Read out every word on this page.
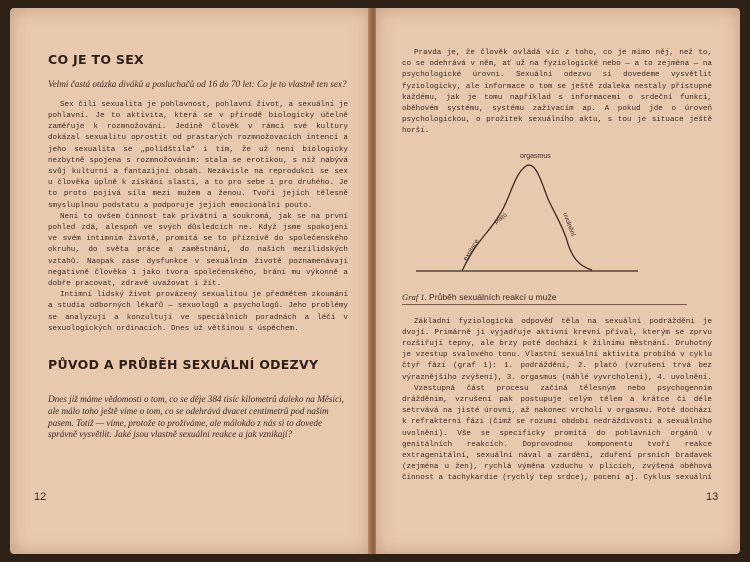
CO JE TO SEX
Velmi častá otázka diváků a posluchačů od 16 do 70 let: Co je to vlastně ten sex?

Sex čili sexualita je pohlavnost, pohlavní život, a sexuální je pohlavní. Je to aktivita, která se v přírodě biologicky účelně zaměřuje k rozmnožování. Jedině člověk v rámci své kultury dokázal sexualitu oprostit od prastarých rozmnožovacích intencí a jeho sexualita se „polidštila“ i tím, že už není biologicky nezbytně spojena s rozmnožováním: stala se erotikou, s níž nabývá svůj kulturní a fantazijní obsah. Nezávisle na reprodukci se sex u člověka úplně k získání slasti, a to pro sebe i pro druhého. Je to proto pojivá síla mezi mužem a ženou. Tvoří jejich tělesně smysluplnou podstatu a podporuje jejich emocionální pouto.

Není to ovšem činnost tak privátní a soukromá, jak se na první pohled zdá, alespoň ve svých důsledcích ne. Když jsme spokojeni ve svém intimním životě, promítá se to příznivě do společenského okruhu, do světa práce a zaměstnání, do našich mezilidských vztahů. Naopak zase dysfunkce v sexuálním životě poznamenávají negativně člověka i jako tvora společenského, brání mu výkonně a dobře pracovat, zdravě uvažovat i žít.

Intimní lidský život provázený sexualitou je předmětem zkoumání a studia odborných lékařů — sexuologů a psychologů. Jeho problémy se analyzují a konzultují ve speciálních poradnách a léčí v sexuologických ordinacích. Dnes už většinou s úspěchem.

PŮVOD A PRŮBĚH SEXUÁLNÍ ODEZVY
Dnes již máme vědomosti o tom, co se děje 384 tisíc kilometrů daleko na Měsíci, ale málo toho ještě víme o tom, co se odehrává dvacet centimetrů pod naším pasem. Totiž — víme, protože to prožíváme, ale málokdo z nás si to dovede správně vysvětlit. Jaké jsou vlastně sexuální reakce a jak vznikají?
12

Pravda je, že člověk ovládá víc z toho, co je mimo něj, než to, co se odehrává v něm, ať už na fyziologické nebo — a to zejména — na psychologické úrovni. Sexuální odezvu si dovedeme vysvětlit fyziologicky, ale informace o tom se ještě zdaleka nestaly přístupné každému, jak je tomu například s informacemi o srdeční funkci, oběhovém systému, systému zažívacím ap. A pokud jde o úroveň psychologickou, o prožitek sexuálního aktu, s tou je situace ještě horší.

orgasmus
excitace
plató	uvolnění
Graf 1. Průběh sexuálních reakcí u muže

Základní fyziologická odpověď těla na sexuální podráždění je dvojí. Primárně ji vyjadřuje aktivní krevní příval, kterým se zprvu rozšiřují tepny, ale brzy poté dochází k žilnímu městnání. Druhotný je vzestup svalového tonu. Vlastní sexuální aktivita probíhá v cyklu čtyř fází (graf 1): 1. podráždění, 2. plató (vzrušení trvá bez výraznějšího zvýšení), 3. orgasmus (náhlé vyvrcholení), 4. uvolnění.

Vzestupná část procesu začíná tělesným nebo psychogenním drážděním, vzrušení pak postupuje celým tělem a krátce či déle setrvává na jisté úrovni, až nakonec vrcholí v orgasmu. Poté dochází k refrakterní fázi (čímž se rozumí období nedráždivosti a sexuálního uvolnění). Vše se specificky promítá do pohlavních orgánů v genitálních reakcích. Doprovodnou komponentu tvoří reakce extragenitální, sexuální nával a zardění, zduření prsních bradavek (zejména u žen), rychlá výměna vzduchu v plicích, zvýšená oběhová činnost a tachykardie (rychlý tep srdce), pocení aj. Cyklus sexuální

13
